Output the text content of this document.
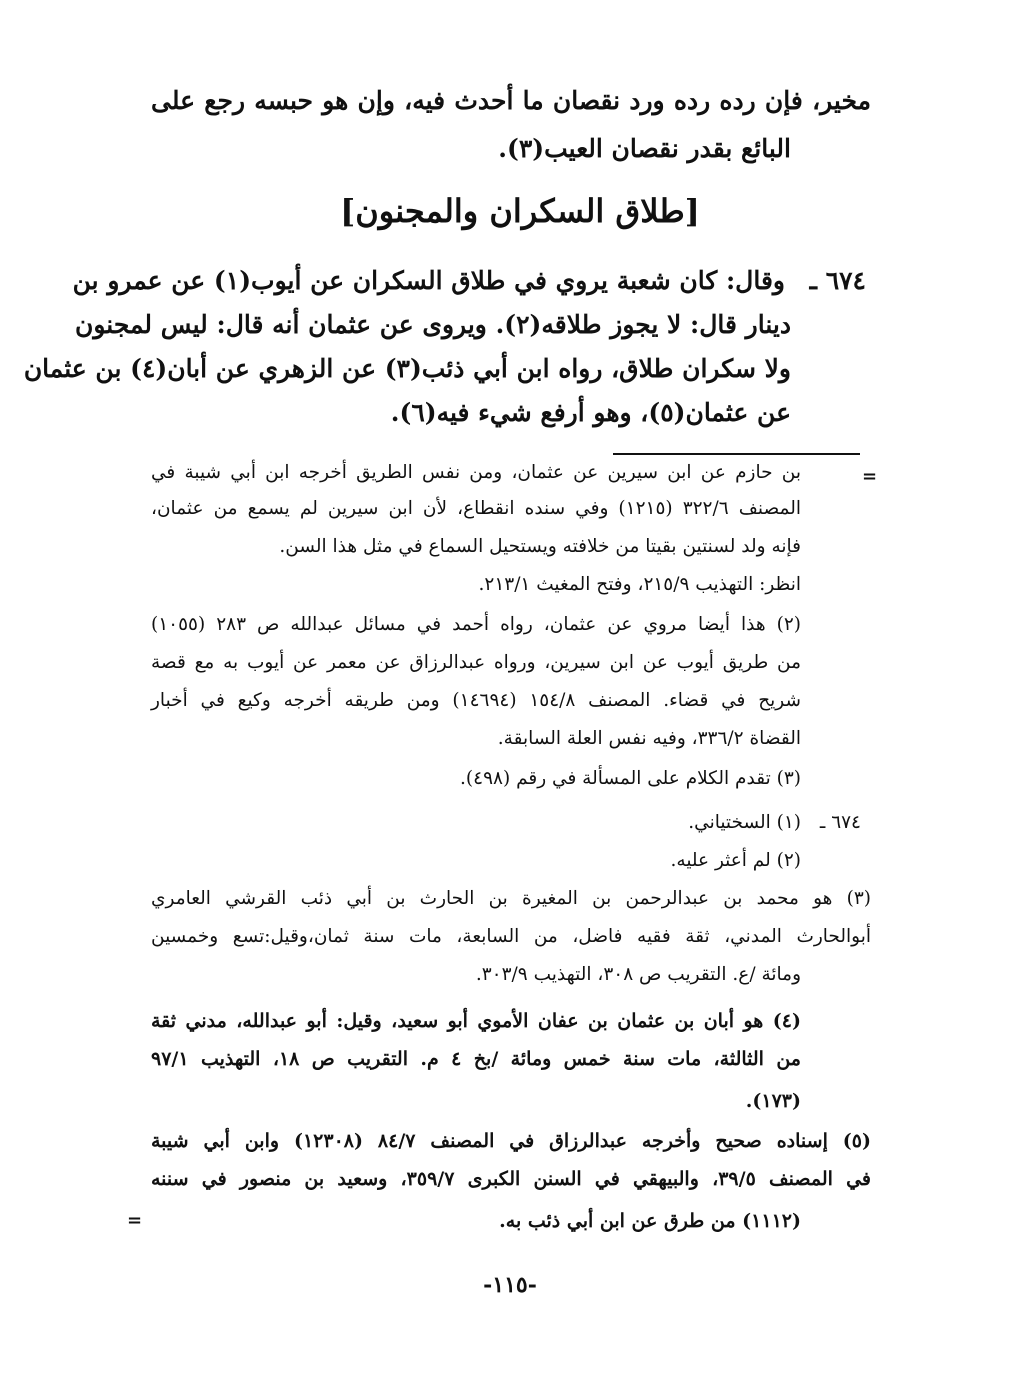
مخير، فإن رده رده ورد نقصان ما أحدث فيه، وإن هو حبسه رجع على
البائع بقدر نقصان العيب(٣).
[طلاق السكران والمجنون]
٦٧٤ ـ
وقال: كان شعبة يروي في طلاق السكران عن أيوب(١) عن عمرو بن
دينار قال: لا يجوز طلاقه(٢). ويروى عن عثمان أنه قال: ليس لمجنون
ولا سكران طلاق، رواه ابن أبي ذئب(٣) عن الزهري عن أبان(٤) بن عثمان
عن عثمان(٥)، وهو أرفع شيء فيه(٦).
=
بن حازم عن ابن سيرين عن عثمان، ومن نفس الطريق أخرجه ابن أبي شيبة في
المصنف ٣٢٢/٦ (١٢١٥) وفي سنده انقطاع، لأن ابن سيرين لم يسمع من عثمان،
فإنه ولد لسنتين بقيتا من خلافته ويستحيل السماع في مثل هذا السن.
انظر: التهذيب ٢١٥/٩، وفتح المغيث ٢١٣/١.
(٢) هذا أيضا مروي عن عثمان، رواه أحمد في مسائل عبدالله ص ٢٨٣ (١٠٥٥)
من طريق أيوب عن ابن سيرين، ورواه عبدالرزاق عن معمر عن أيوب به مع قصة
شريح في قضاء. المصنف ١٥٤/٨ (١٤٦٩٤) ومن طريقه أخرجه وكيع في أخبار
القضاة ٣٣٦/٢، وفيه نفس العلة السابقة.
(٣) تقدم الكلام على المسألة في رقم (٤٩٨).
٦٧٤ ـ
(١) السختياني.
(٢) لم أعثر عليه.
(٣) هو محمد بن عبدالرحمن بن المغيرة بن الحارث بن أبي ذئب القرشي العامري
أبوالحارث المدني، ثقة فقيه فاضل، من السابعة، مات سنة ثمان،وقيل:تسع وخمسين
ومائة /ع. التقريب ص ٣٠٨، التهذيب ٣٠٣/٩.
(٤) هو أبان بن عثمان بن عفان الأموي أبو سعيد، وقيل: أبو عبدالله، مدني ثقة
من الثالثة، مات سنة خمس ومائة /بخ ٤ م. التقريب ص ١٨، التهذيب ٩٧/١
(١٧٣).
(٥) إسناده صحيح وأخرجه عبدالرزاق في المصنف ٨٤/٧ (١٢٣٠٨) وابن أبي شيبة
في المصنف ٣٩/٥، والبيهقي في السنن الكبرى ٣٥٩/٧، وسعيد بن منصور في سننه
(١١١٢) من طرق عن ابن أبي ذئب به.
=
-١١٥-
